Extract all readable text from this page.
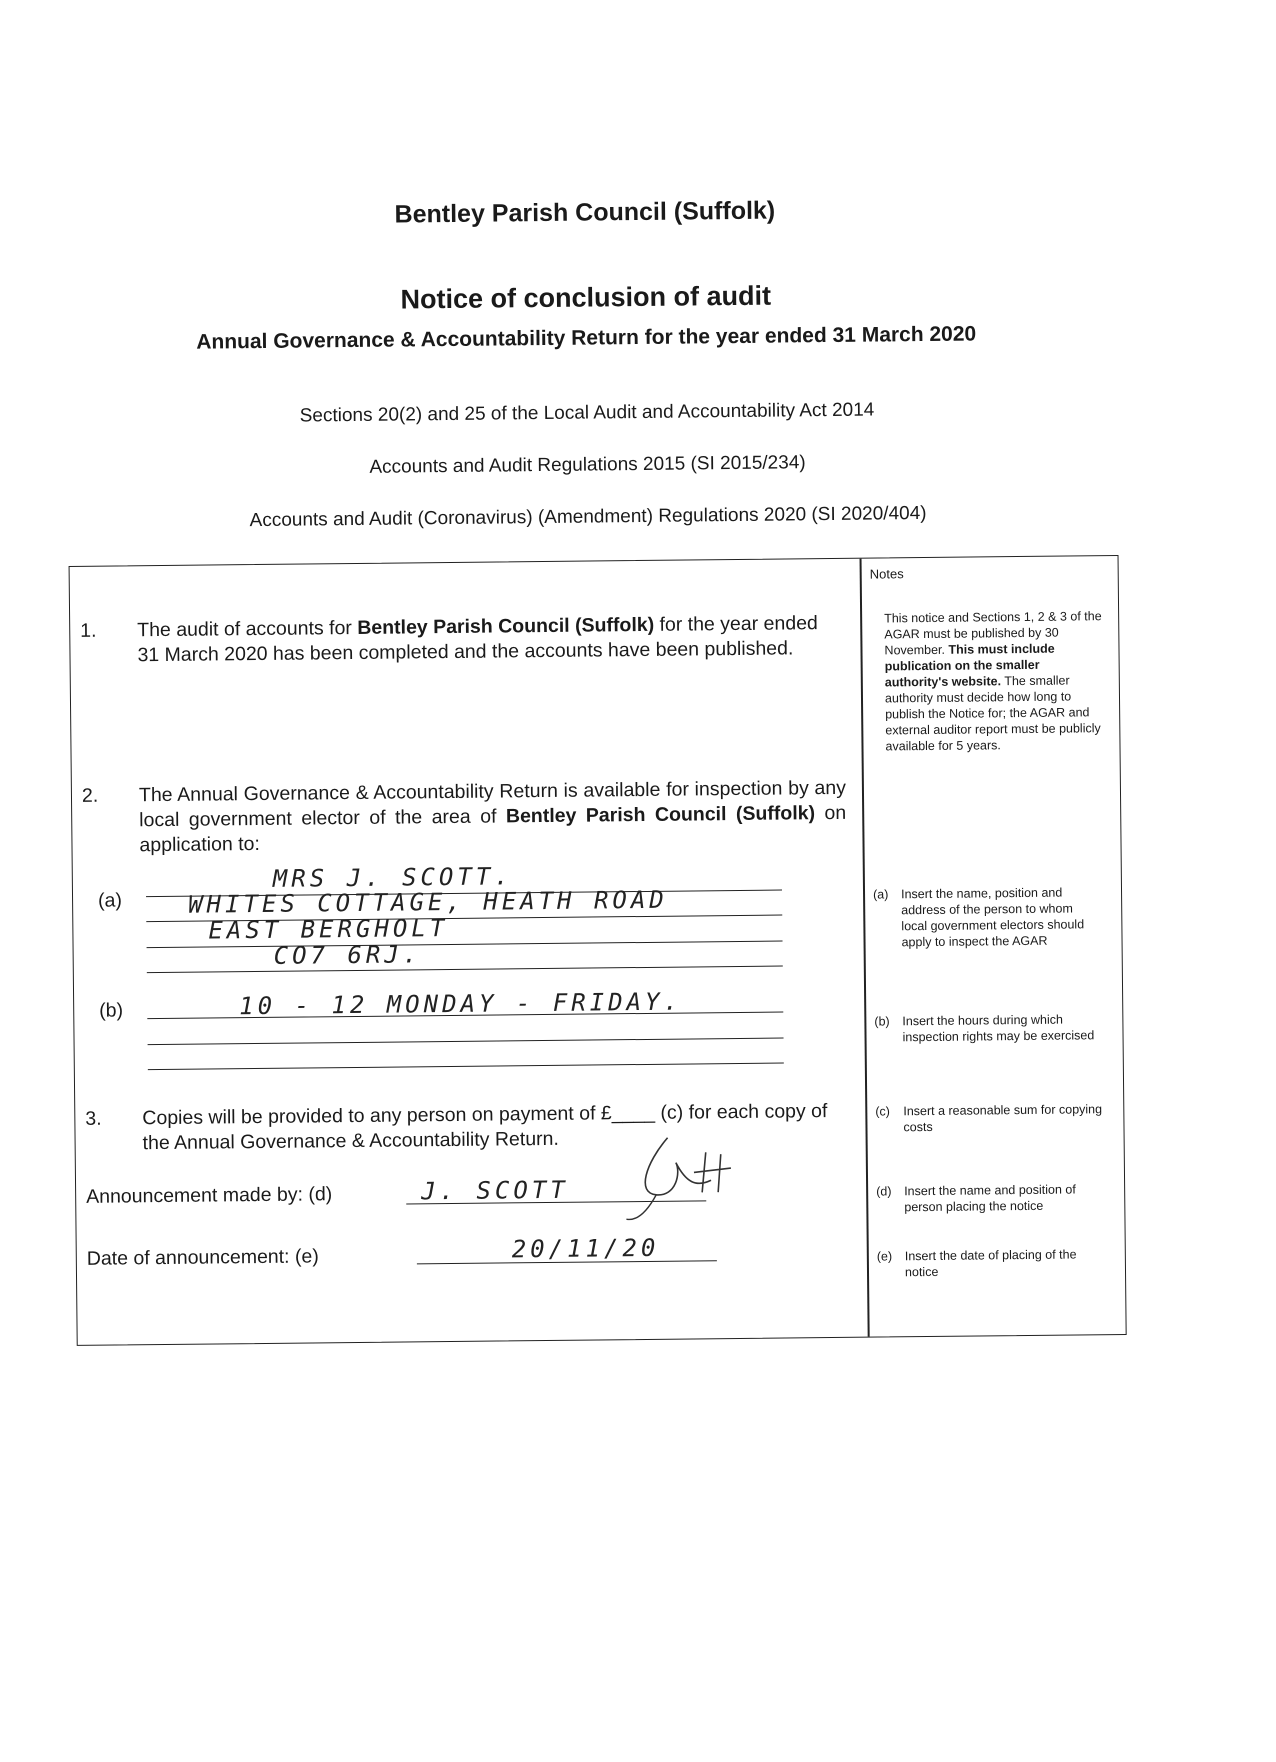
Bentley Parish Council (Suffolk)
Notice of conclusion of audit
Annual Governance & Accountability Return for the year ended 31 March 2020
Sections 20(2) and 25 of the Local Audit and Accountability Act 2014
Accounts and Audit Regulations 2015 (SI 2015/234)
Accounts and Audit (Coronavirus) (Amendment) Regulations 2020 (SI 2020/404)
1. The audit of accounts for Bentley Parish Council (Suffolk) for the year ended 31 March 2020 has been completed and the accounts have been published.
2. The Annual Governance & Accountability Return is available for inspection by any local government elector of the area of Bentley Parish Council (Suffolk) on application to:
(a)
MRS J. SCOTT.
WHITES COTTAGE, HEATH ROAD
EAST BERGHOLT
CO7 6RJ.
(b)	10 - 12 MONDAY - FRIDAY.
3. Copies will be provided to any person on payment of £____ (c) for each copy of the Annual Governance & Accountability Return.
Announcement made by: (d)	J. SCOTT
Date of announcement: (e)	20/11/20
Notes
This notice and Sections 1, 2 & 3 of the AGAR must be published by 30 November. This must include publication on the smaller authority's website. The smaller authority must decide how long to publish the Notice for; the AGAR and external auditor report must be publicly available for 5 years.
(a) Insert the name, position and address of the person to whom local government electors should apply to inspect the AGAR
(b) Insert the hours during which inspection rights may be exercised
(c) Insert a reasonable sum for copying costs
(d) Insert the name and position of person placing the notice
(e) Insert the date of placing of the notice
